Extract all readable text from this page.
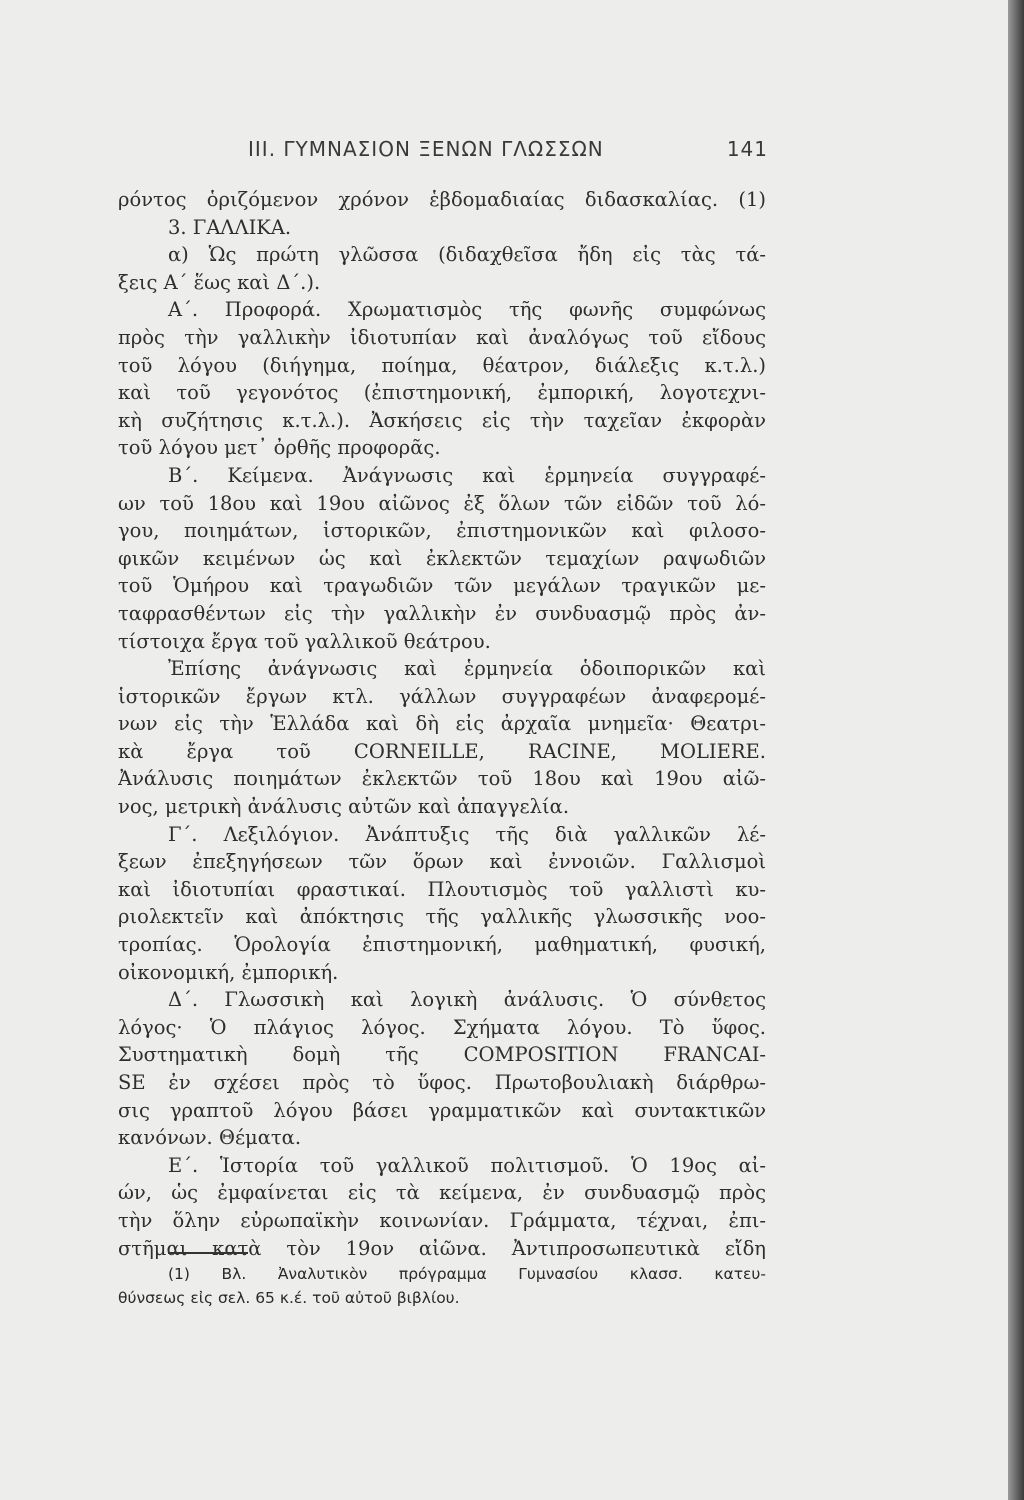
III. ΓΥΜΝΑΣΙΟΝ ΞΕΝΩΝ ΓΛΩΣΣΩΝ	141
ρόντος ὁριζόμενον χρόνον ἑβδομαδιαίας διδασκαλίας. (1)
3. ΓΑΛΛΙΚΑ.
α) Ὡς πρώτη γλῶσσα (διδαχθεῖσα ἤδη εἰς τὰς τά-
ξεις Α΄ ἕως καὶ Δ΄.).
Α΄. Προφορά. Χρωματισμὸς τῆς φωνῆς συμφώνως
πρὸς τὴν γαλλικὴν ἰδιοτυπίαν καὶ ἀναλόγως τοῦ εἴδους
τοῦ λόγου (διήγημα, ποίημα, θέατρον, διάλεξις κ.τ.λ.)
καὶ τοῦ γεγονότος (ἐπιστημονική, ἐμπορική, λογοτεχνι-
κὴ συζήτησις κ.τ.λ.). Ἀσκήσεις εἰς τὴν ταχεῖαν ἐκφορὰν
τοῦ λόγου μετ᾽ ὀρθῆς προφορᾶς.
Β΄. Κείμενα. Ἀνάγνωσις καὶ ἑρμηνεία συγγραφέ-
ων τοῦ 18ου καὶ 19ου αἰῶνος ἐξ ὅλων τῶν εἰδῶν τοῦ λό-
γου, ποιημάτων, ἱστορικῶν, ἐπιστημονικῶν καὶ φιλοσο-
φικῶν κειμένων ὡς καὶ ἐκλεκτῶν τεμαχίων ραψωδιῶν
τοῦ Ὁμήρου καὶ τραγωδιῶν τῶν μεγάλων τραγικῶν με-
ταφρασθέντων εἰς τὴν γαλλικὴν ἐν συνδυασμῷ πρὸς ἀν-
τίστοιχα ἔργα τοῦ γαλλικοῦ θεάτρου.
Ἐπίσης ἀνάγνωσις καὶ ἑρμηνεία ὁδοιπορικῶν καὶ
ἱστορικῶν ἔργων κτλ. γάλλων συγγραφέων ἀναφερομέ-
νων εἰς τὴν Ἑλλάδα καὶ δὴ εἰς ἀρχαῖα μνημεῖα· Θεατρι-
κὰ ἔργα τοῦ CORNEILLE, RACINE, MOLIERE.
Ἀνάλυσις ποιημάτων ἐκλεκτῶν τοῦ 18ου καὶ 19ου αἰῶ-
νος, μετρικὴ ἀνάλυσις αὐτῶν καὶ ἀπαγγελία.
Γ΄. Λεξιλόγιον. Ἀνάπτυξις τῆς διὰ γαλλικῶν λέ-
ξεων ἐπεξηγήσεων τῶν ὅρων καὶ ἐννοιῶν. Γαλλισμοὶ
καὶ ἰδιοτυπίαι φραστικαί. Πλουτισμὸς τοῦ γαλλιστὶ κυ-
ριολεκτεῖν καὶ ἀπόκτησις τῆς γαλλικῆς γλωσσικῆς νοο-
τροπίας. Ὁρολογία ἐπιστημονική, μαθηματική, φυσική,
οἰκονομική, ἐμπορική.
Δ΄. Γλωσσικὴ καὶ λογικὴ ἀνάλυσις. Ὁ σύνθετος
λόγος· Ὁ πλάγιος λόγος. Σχήματα λόγου. Τὸ ὕφος.
Συστηματικὴ δομὴ τῆς COMPOSITION FRANCAI-
SE ἐν σχέσει πρὸς τὸ ὕφος. Πρωτοβουλιακὴ διάρθρω-
σις γραπτοῦ λόγου βάσει γραμματικῶν καὶ συντακτικῶν
κανόνων. Θέματα.
Ε΄. Ἱστορία τοῦ γαλλικοῦ πολιτισμοῦ. Ὁ 19ος αἰ-
ών, ὡς ἐμφαίνεται εἰς τὰ κείμενα, ἐν συνδυασμῷ πρὸς
τὴν ὅλην εὐρωπαϊκὴν κοινωνίαν. Γράμματα, τέχναι, ἐπι-
στῆμαι κατὰ τὸν 19ον αἰῶνα. Ἀντιπροσωπευτικὰ εἴδη
(1) Βλ. Ἀναλυτικὸν πρόγραμμα Γυμνασίου κλασσ. κατευ-
θύνσεως εἰς σελ. 65 κ.έ. τοῦ αὐτοῦ βιβλίου.
